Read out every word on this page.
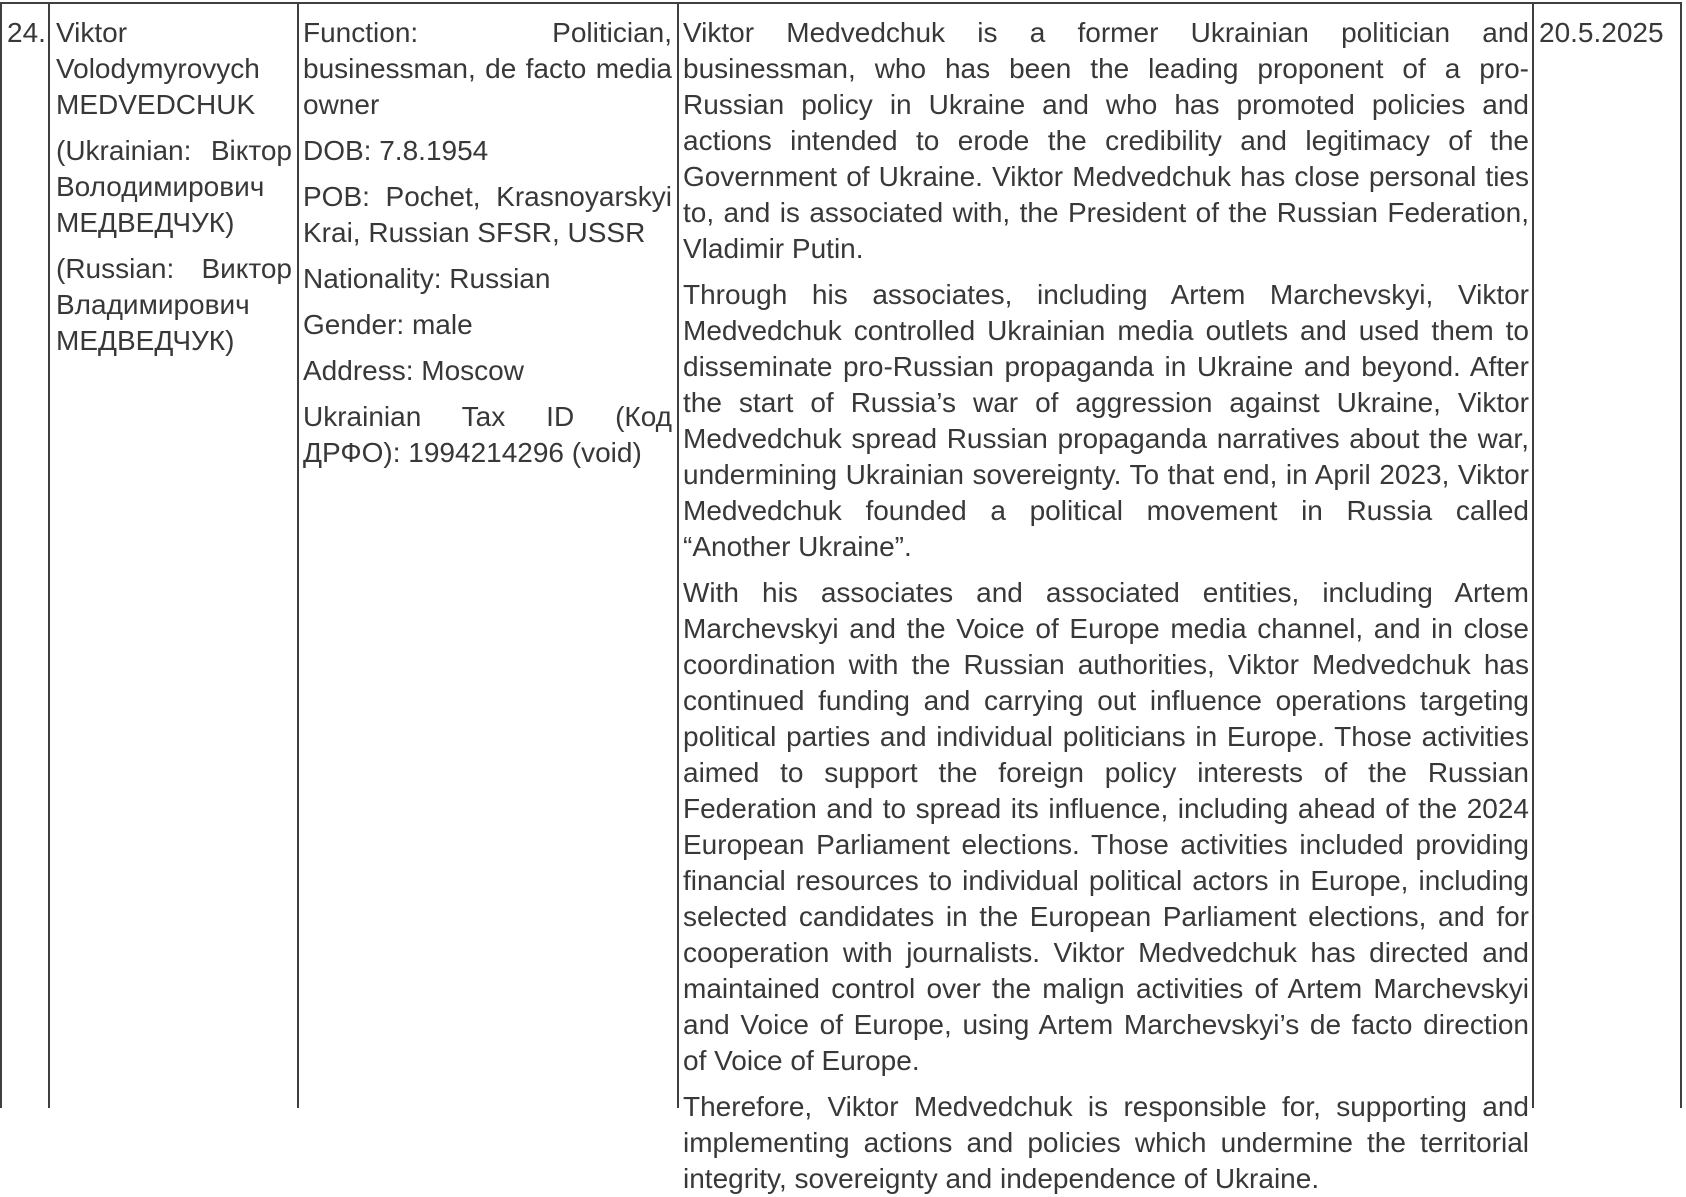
24. Viktor Volodymyrovych MEDVEDCHUK

(Ukrainian: Віктор Володимирович МЕДВЕДЧУК)

(Russian: Виктор Владимирович МЕДВЕДЧУК)

Function: Politician, businessman, de facto media owner

DOB: 7.8.1954

POB: Pochet, Krasnoyarskyi Krai, Russian SFSR, USSR

Nationality: Russian

Gender: male

Address: Moscow

Ukrainian Tax ID (Код ДРФО): 1994214296 (void)

Viktor Medvedchuk is a former Ukrainian politician and businessman, who has been the leading proponent of a pro-Russian policy in Ukraine and who has promoted policies and actions intended to erode the credibility and legitimacy of the Government of Ukraine. Viktor Medvedchuk has close personal ties to, and is associated with, the President of the Russian Federation, Vladimir Putin.

Through his associates, including Artem Marchevskyi, Viktor Medvedchuk controlled Ukrainian media outlets and used them to disseminate pro-Russian propaganda in Ukraine and beyond. After the start of Russia’s war of aggression against Ukraine, Viktor Medvedchuk spread Russian propaganda narratives about the war, undermining Ukrainian sovereignty. To that end, in April 2023, Viktor Medvedchuk founded a political movement in Russia called “Another Ukraine”.

With his associates and associated entities, including Artem Marchevskyi and the Voice of Europe media channel, and in close coordination with the Russian authorities, Viktor Medvedchuk has continued funding and carrying out influence operations targeting political parties and individual politicians in Europe. Those activities aimed to support the foreign policy interests of the Russian Federation and to spread its influence, including ahead of the 2024 European Parliament elections. Those activities included providing financial resources to individual political actors in Europe, including selected candidates in the European Parliament elections, and for cooperation with journalists. Viktor Medvedchuk has directed and maintained control over the malign activities of Artem Marchevskyi and Voice of Europe, using Artem Marchevskyi’s de facto direction of Voice of Europe.

Therefore, Viktor Medvedchuk is responsible for, supporting and implementing actions and policies which undermine the territorial integrity, sovereignty and independence of Ukraine.

20.5.2025
